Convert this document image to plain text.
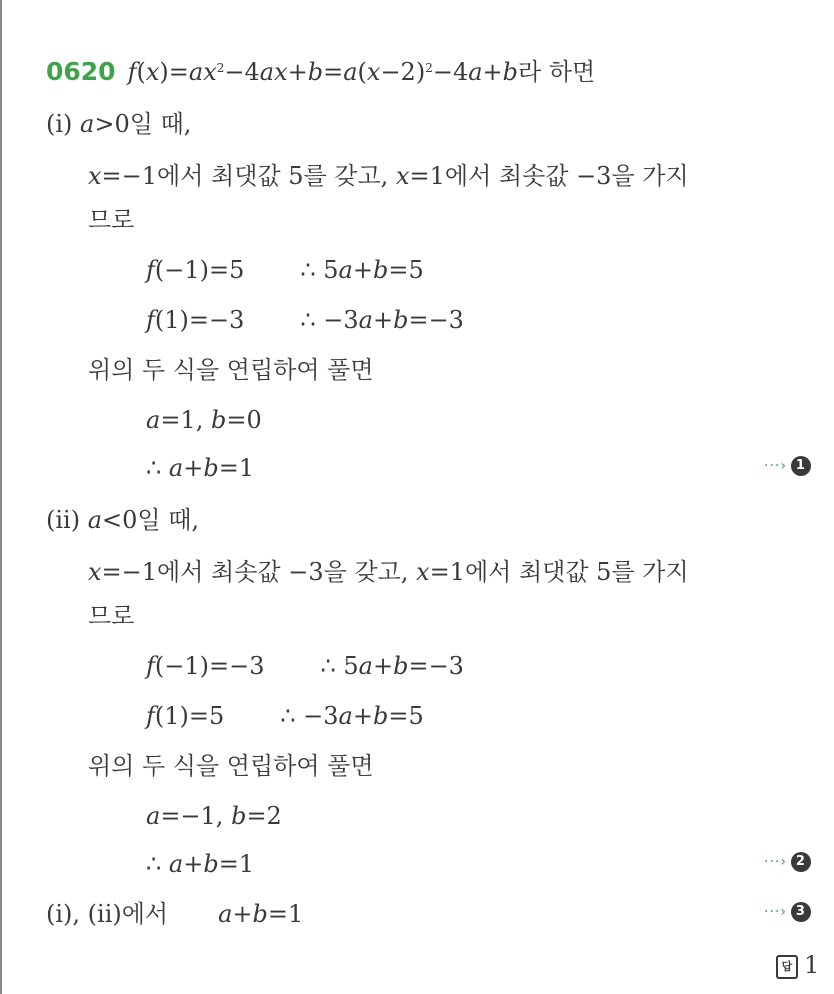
0620 $f(x)=ax^2-4ax+b=a(x-2)^2-4a+b$라 하면
(i) a>0일 때,
x=−1에서 최댓값 5를 갖고, x=1에서 최솟값 −3을 가지
므로
f(−1)=5 ∴ 5a+b=5
f(1)=−3 ∴ −3a+b=−3
위의 두 식을 연립하여 풀면
a=1, b=0
∴ a+b=1	···› 1
(ii) a<0일 때,
x=−1에서 최솟값 −3을 갖고, x=1에서 최댓값 5를 가지
므로
f(−1)=−3 ∴ 5a+b=−3
f(1)=5 ∴ −3a+b=5
위의 두 식을 연립하여 풀면
a=−1, b=2
∴ a+b=1	···› 2
(i), (ii)에서 a+b=1	···› 3
답 1
